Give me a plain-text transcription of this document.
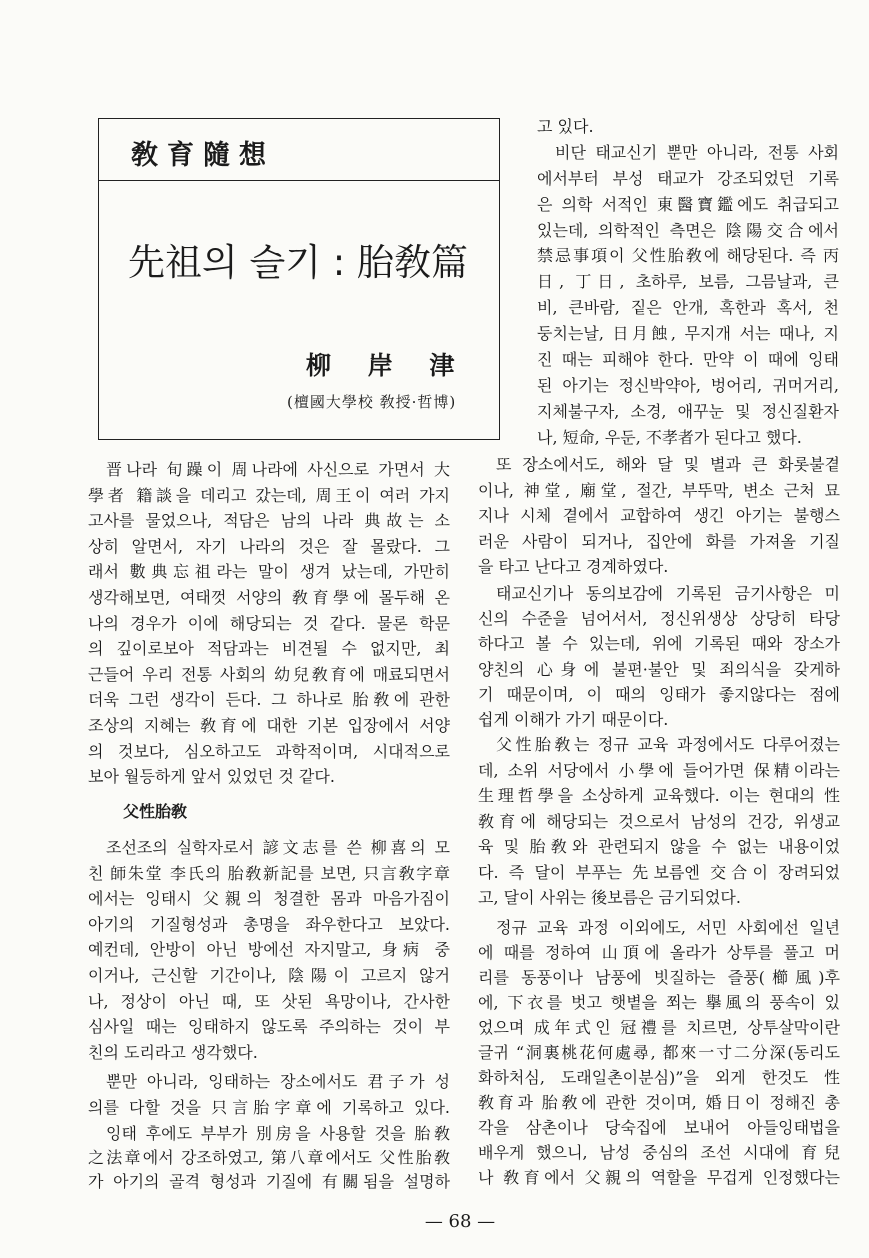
敎育隨想
先祖의 슬기 : 胎敎篇
柳 岸 津
(檀國大學校 敎授·哲博)
晋나라 旬躁이 周나라에 사신으로 가면서 大
學者 籍談을 데리고 갔는데, 周王이 여러 가지
고사를 물었으나, 적담은 남의 나라 典故는 소
상히 알면서, 자기 나라의 것은 잘 몰랐다. 그
래서 數典忘祖라는 말이 생겨 났는데, 가만히
생각해보면, 여태껏 서양의 敎育學에 몰두해 온
나의 경우가 이에 해당되는 것 같다. 물론 학문
의 깊이로보아 적담과는 비견될 수 없지만, 최
근들어 우리 전통 사회의 幼兒敎育에 매료되면서
더욱 그런 생각이 든다. 그 하나로 胎敎에 관한
조상의 지혜는 敎育에 대한 기본 입장에서 서양
의 것보다, 심오하고도 과학적이며, 시대적으로
보아 월등하게 앞서 있었던 것 같다.
父性胎敎
조선조의 실학자로서 諺文志를 쓴 柳喜의 모
친 師朱堂 李氏의 胎敎新記를 보면, 只言敎字章
에서는 잉태시 父親의 청결한 몸과 마음가짐이
아기의 기질형성과 총명을 좌우한다고 보았다.
예컨데, 안방이 아닌 방에선 자지말고, 身病 중
이거나, 근신할 기간이나, 陰陽이 고르지 않거
나, 정상이 아닌 때, 또 삿된 욕망이나, 간사한
심사일 때는 잉태하지 않도록 주의하는 것이 부
친의 도리라고 생각했다.
뿐만 아니라, 잉태하는 장소에서도 君子가 성
의를 다할 것을 只言胎字章에 기록하고 있다.
잉태 후에도 부부가 別房을 사용할 것을 胎敎
之法章에서 강조하였고, 第八章에서도 父性胎敎
가 아기의 골격 형성과 기질에 有關됨을 설명하
고 있다.
비단 태교신기 뿐만 아니라, 전통 사회
에서부터 부성 태교가 강조되었던 기록
은 의학 서적인 東醫寶鑑에도 취급되고
있는데, 의학적인 측면은 陰陽交合에서
禁忌事項이 父性胎敎에 해당된다. 즉 丙
日, 丁日, 초하루, 보름, 그믐날과, 큰
비, 큰바람, 짙은 안개, 혹한과 혹서, 천
둥치는날, 日月蝕, 무지개 서는 때나, 지
진 때는 피해야 한다. 만약 이 때에 잉태
된 아기는 정신박약아, 벙어리, 귀머거리,
지체불구자, 소경, 애꾸눈 및 정신질환자
나, 短命, 우둔, 不孝者가 된다고 했다.
또 장소에서도, 해와 달 및 별과 큰 화롯불곁
이나, 神堂, 廟堂, 절간, 부뚜막, 변소 근처 묘
지나 시체 곁에서 교합하여 생긴 아기는 불행스
러운 사람이 되거나, 집안에 화를 가져올 기질
을 타고 난다고 경계하였다.
태교신기나 동의보감에 기록된 금기사항은 미
신의 수준을 넘어서서, 정신위생상 상당히 타당
하다고 볼 수 있는데, 위에 기록된 때와 장소가
양친의 心身에 불편·불안 및 죄의식을 갖게하
기 때문이며, 이 때의 잉태가 좋지않다는 점에
쉽게 이해가 가기 때문이다.
父性胎敎는 정규 교육 과정에서도 다루어졌는
데, 소위 서당에서 小學에 들어가면 保精이라는
生理哲學을 소상하게 교육했다. 이는 현대의 性
敎育에 해당되는 것으로서 남성의 건강, 위생교
육 및 胎敎와 관련되지 않을 수 없는 내용이었
다. 즉 달이 부푸는 先보름엔 交合이 장려되었
고, 달이 사위는 後보름은 금기되었다.
정규 교육 과정 이외에도, 서민 사회에선 일년
에 때를 정하여 山頂에 올라가 상투를 풀고 머
리를 동풍이나 남풍에 빗질하는 즐풍(櫛風)후
에, 下衣를 벗고 햇볕을 쬐는 擧風의 풍속이 있
었으며 成年式인 冠禮를 치르면, 상투살막이란
글귀 “洞裏桃花何處尋, 都來一寸二分深(동리도
화하처심, 도래일촌이분심)”을 외게 한것도 性
敎育과 胎敎에 관한 것이며, 婚日이 정해진 총
각을 삼촌이나 당숙집에 보내어 아들잉태법을
배우게 했으니, 남성 중심의 조선 시대에 育兒
나 敎育에서 父親의 역할을 무겁게 인정했다는
— 68 —
